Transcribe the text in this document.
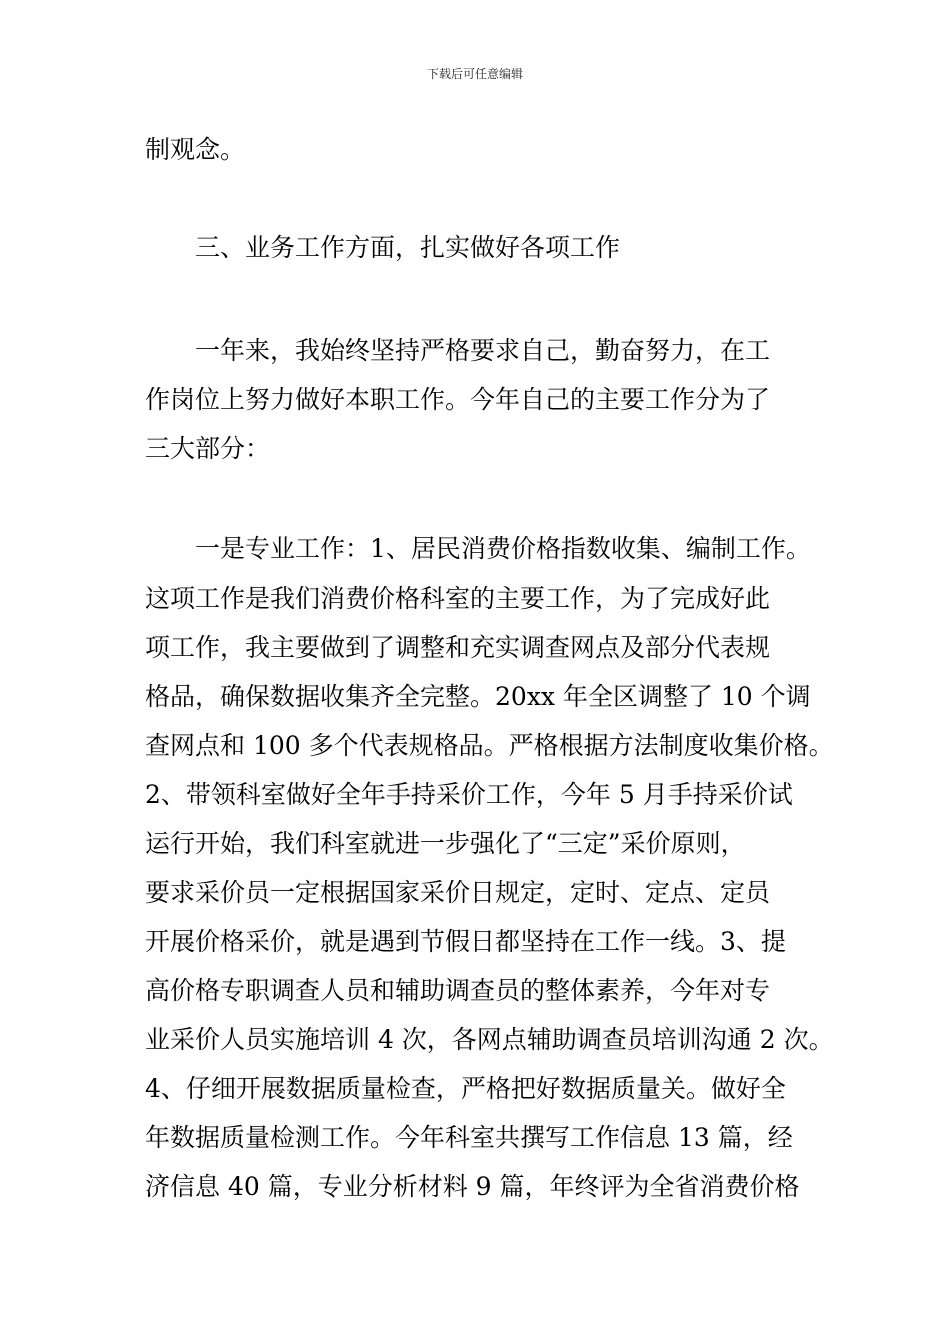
下载后可任意编辑
制观念。
三、业务工作方面，扎实做好各项工作
一年来，我始终坚持严格要求自己，勤奋努力，在工
作岗位上努力做好本职工作。今年自己的主要工作分为了
三大部分：
一是专业工作：1、居民消费价格指数收集、编制工作。
这项工作是我们消费价格科室的主要工作，为了完成好此
项工作，我主要做到了调整和充实调查网点及部分代表规
格品，确保数据收集齐全完整。20xx 年全区调整了 10 个调
查网点和 100 多个代表规格品。严格根据方法制度收集价格。
2、带领科室做好全年手持采价工作，今年 5 月手持采价试
运行开始，我们科室就进一步强化了“三定”采价原则，
要求采价员一定根据国家采价日规定，定时、定点、定员
开展价格采价，就是遇到节假日都坚持在工作一线。3、提
高价格专职调查人员和辅助调查员的整体素养，今年对专
业采价人员实施培训 4 次，各网点辅助调查员培训沟通 2 次。
4、仔细开展数据质量检查，严格把好数据质量关。做好全
年数据质量检测工作。今年科室共撰写工作信息 13 篇，经
济信息 40 篇，专业分析材料 9 篇，年终评为全省消费价格
